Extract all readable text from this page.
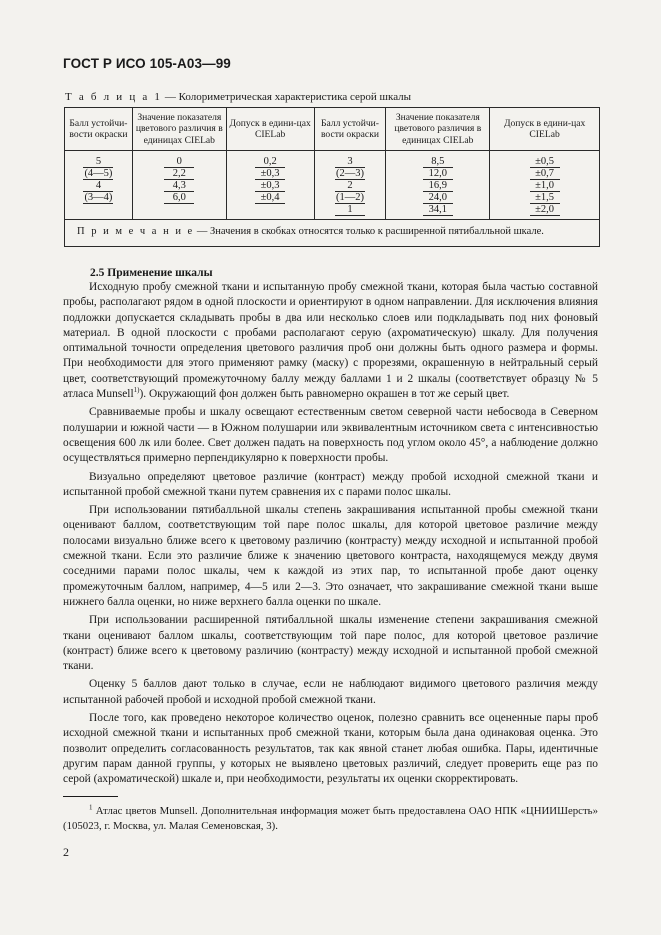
ГОСТ Р ИСО 105-A03—99
Т а б л и ц а 1 — Колориметрическая характеристика серой шкалы
Балл устойчи-вости окраски	Значение показателя цветового различия в единицах CIELab	Допуск в едини-цах CIELab	Балл устойчи-вости окраски	Значение показателя цветового различия в единицах CIELab	Допуск в едини-цах CIELab
5	0	0,2	3	8,5	±0,5
(4—5)	2,2	±0,3	(2—3)	12,0	±0,7
4	4,3	±0,3	2	16,9	±1,0
(3—4)	6,0	±0,4	(1—2)	24,0	±1,5
			1	34,1	±2,0
П р и м е ч а н и е — Значения в скобках относятся только к расширенной пятибалльной шкале.					
2.5 Применение шкалы

Исходную пробу смежной ткани и испытанную пробу смежной ткани, которая была частью составной пробы, располагают рядом в одной плоскости и ориентируют в одном направлении. Для исключения влияния подложки допускается складывать пробы в два или несколько слоев или подкладывать под них фоновый материал. В одной плоскости с пробами располагают серую (ахроматическую) шкалу. Для получения оптимальной точности определения цветового различия проб они должны быть одного размера и формы. При необходимости для этого применяют рамку (маску) с прорезями, окрашенную в нейтральный серый цвет, соответствующий промежуточному баллу между баллами 1 и 2 шкалы (соответствует образцу № 5 атласа Munsell$^{1)}$). Окружающий фон должен быть равномерно окрашен в тот же серый цвет.

Сравниваемые пробы и шкалу освещают естественным светом северной части небосвода в Северном полушарии и южной части — в Южном полушарии или эквивалентным источником света с интенсивностью освещения 600 лк или более. Свет должен падать на поверхность под углом около 45°, а наблюдение должно осуществляться примерно перпендикулярно к поверхности пробы.

Визуально определяют цветовое различие (контраст) между пробой исходной смежной ткани и испытанной пробой смежной ткани путем сравнения их с парами полос шкалы.

При использовании пятибалльной шкалы степень закрашивания испытанной пробы смежной ткани оценивают баллом, соответствующим той паре полос шкалы, для которой цветовое различие между полосами визуально ближе всего к цветовому различию (контрасту) между исходной и испытанной пробой смежной ткани. Если это различие ближе к значению цветового контраста, находящемуся между двумя соседними парами полос шкалы, чем к каждой из этих пар, то испытанной пробе дают оценку промежуточным баллом, например, 4—5 или 2—3. Это означает, что закрашивание смежной ткани выше нижнего балла оценки, но ниже верхнего балла оценки по шкале.

При использовании расширенной пятибалльной шкалы изменение степени закрашивания смежной ткани оценивают баллом шкалы, соответствующим той паре полос, для которой цветовое различие (контраст) ближе всего к цветовому различию (контрасту) между исходной и испытанной пробой смежной ткани.

Оценку 5 баллов дают только в случае, если не наблюдают видимого цветового различия между испытанной рабочей пробой и исходной пробой смежной ткани.

После того, как проведено некоторое количество оценок, полезно сравнить все оцененные пары проб исходной смежной ткани и испытанных проб смежной ткани, которым была дана одинаковая оценка. Это позволит определить согласованность результатов, так как явной станет любая ошибка. Пары, идентичные другим парам данной группы, у которых не выявлено цветовых различий, следует проверить еще раз по серой (ахроматической) шкале и, при необходимости, результаты их оценки скорректировать.

$^1$ Атлас цветов Munsell. Дополнительная информация может быть предоставлена ОАО НПК «ЦНИИШерсть» (105023, г. Москва, ул. Малая Семеновская, 3).
2
